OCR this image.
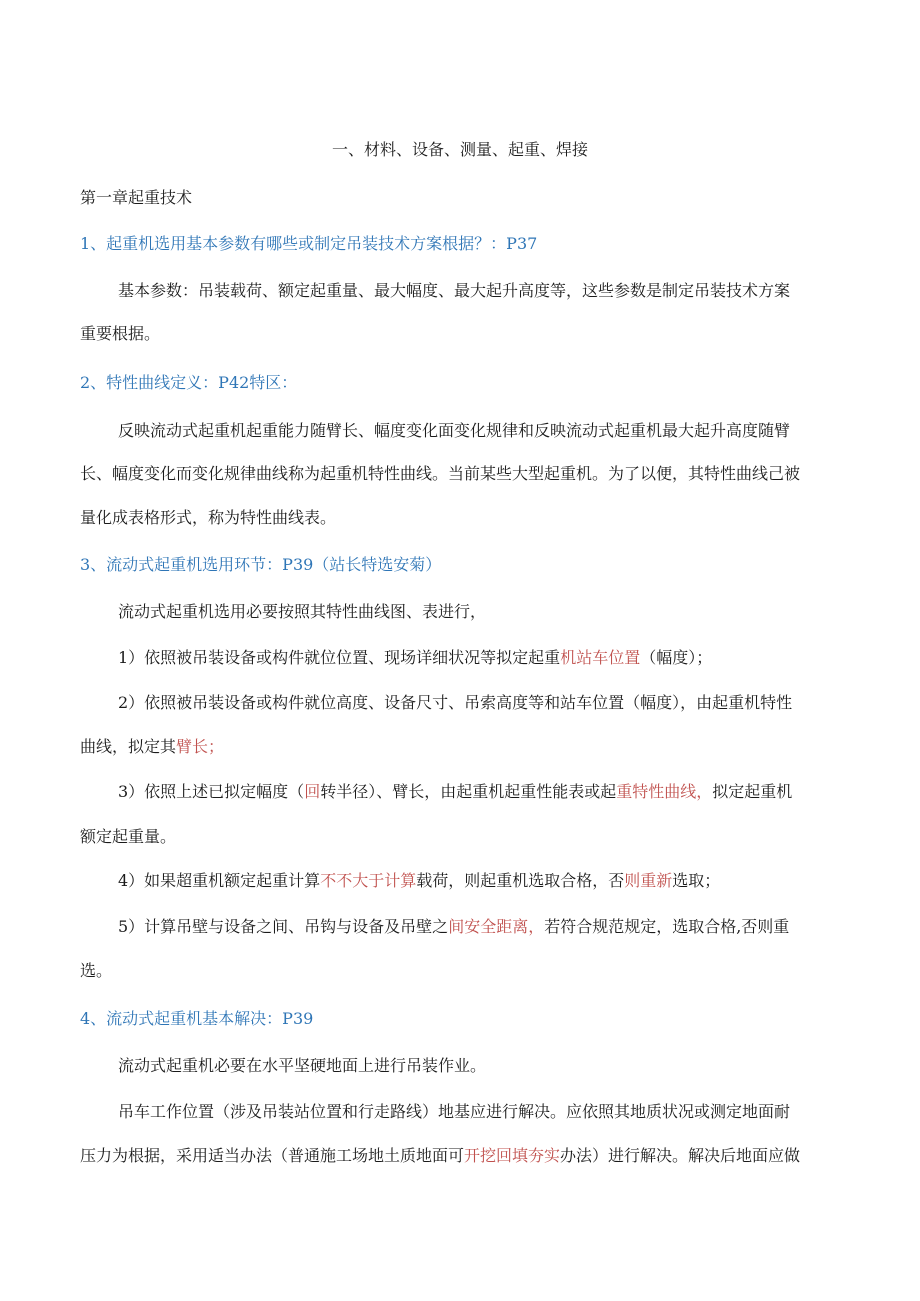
一、材料、设备、测量、起重、焊接
第一章起重技术
1、起重机选用基本参数有哪些或制定吊装技术方案根据？：P37
基本参数：吊装载荷、额定起重量、最大幅度、最大起升高度等，这些参数是制定吊装技术方案
重要根据。
2、特性曲线定义：P42特区：
反映流动式起重机起重能力随臂长、幅度变化面变化规律和反映流动式起重机最大起升高度随臂
长、幅度变化而变化规律曲线称为起重机特性曲线。当前某些大型起重机。为了以便，其特性曲线己被
量化成表格形式，称为特性曲线表。
3、流动式起重机选用环节：P39（站长特选安菊）
流动式起重机选用必要按照其特性曲线图、表进行，
1）依照被吊装设备或构件就位位置、现场详细状况等拟定起重机站车位置（幅度）；
2）依照被吊装设备或构件就位高度、设备尺寸、吊索高度等和站车位置（幅度），由起重机特性
曲线，拟定其臂长；
3）依照上述已拟定幅度（回转半径）、臂长，由起重机起重性能表或起重特性曲线，拟定起重机
额定起重量。
4）如果超重机额定起重计算不不大于计算载荷，则起重机选取合格，否则重新选取；
5）计算吊壁与设备之间、吊钩与设备及吊壁之间安全距离，若符合规范规定，选取合格,否则重
选。
4、流动式起重机基本解决：P39
流动式起重机必要在水平坚硬地面上进行吊装作业。
吊车工作位置（涉及吊装站位置和行走路线）地基应进行解决。应依照其地质状况或测定地面耐
压力为根据，采用适当办法（普通施工场地土质地面可开挖回填夯实办法）进行解决。解决后地面应做
